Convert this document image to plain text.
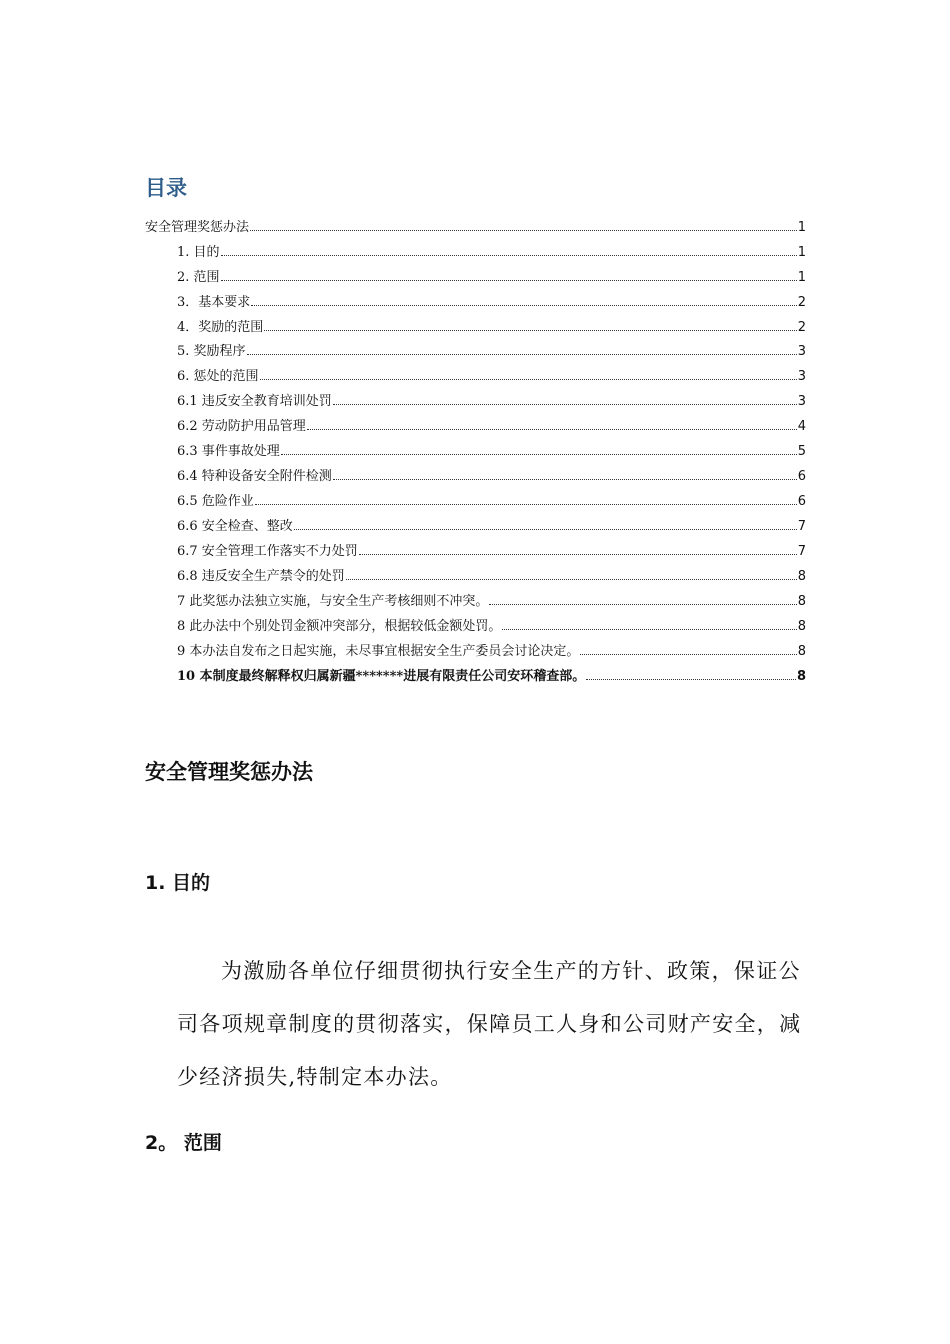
目录
安全管理奖惩办法	1
1. 目的	1
2. 范围	1
3．基本要求	2
4．奖励的范围	2
5. 奖励程序	3
6. 惩处的范围	3
6.1 违反安全教育培训处罚	3
6.2 劳动防护用品管理	4
6.3 事件事故处理	5
6.4 特种设备安全附件检测	6
6.5 危险作业	6
6.6 安全检查、整改	7
6.7 安全管理工作落实不力处罚	7
6.8 违反安全生产禁令的处罚	8
7 此奖惩办法独立实施，与安全生产考核细则不冲突。	8
8 此办法中个别处罚金额冲突部分，根据较低金额处罚。	8
9 本办法自发布之日起实施，未尽事宜根据安全生产委员会讨论决定。	8
10 本制度最终解释权归属新疆*******进展有限责任公司安环稽查部。	8
安全管理奖惩办法
1. 目的
为激励各单位仔细贯彻执行安全生产的方针、政策，保证公司各项规章制度的贯彻落实，保障员工人身和公司财产安全，减少经济损失,特制定本办法。
2。 范围
